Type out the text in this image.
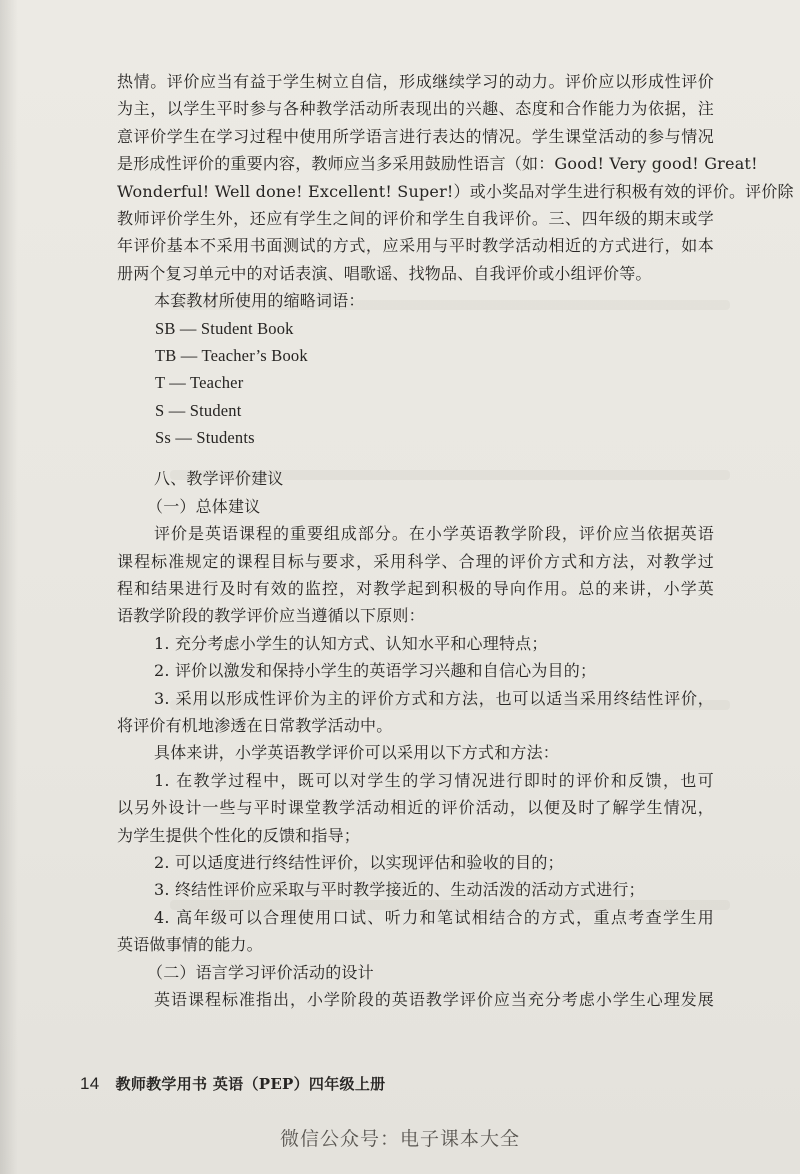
热情。评价应当有益于学生树立自信，形成继续学习的动力。评价应以形成性评价
为主，以学生平时参与各种教学活动所表现出的兴趣、态度和合作能力为依据，注
意评价学生在学习过程中使用所学语言进行表达的情况。学生课堂活动的参与情况
是形成性评价的重要内容，教师应当多采用鼓励性语言（如：Good! Very good! Great!
Wonderful! Well done! Excellent! Super!）或小奖品对学生进行积极有效的评价。评价除
教师评价学生外，还应有学生之间的评价和学生自我评价。三、四年级的期末或学
年评价基本不采用书面测试的方式，应采用与平时教学活动相近的方式进行，如本
册两个复习单元中的对话表演、唱歌谣、找物品、自我评价或小组评价等。
本套教材所使用的缩略词语：
SB — Student Book
TB — Teacher’s Book
T — Teacher
S — Student
Ss — Students
八、教学评价建议
（一）总体建议
评价是英语课程的重要组成部分。在小学英语教学阶段，评价应当依据英语
课程标准规定的课程目标与要求，采用科学、合理的评价方式和方法，对教学过
程和结果进行及时有效的监控，对教学起到积极的导向作用。总的来讲，小学英
语教学阶段的教学评价应当遵循以下原则：
1. 充分考虑小学生的认知方式、认知水平和心理特点；
2. 评价以激发和保持小学生的英语学习兴趣和自信心为目的；
3. 采用以形成性评价为主的评价方式和方法，也可以适当采用终结性评价，
将评价有机地渗透在日常教学活动中。
具体来讲，小学英语教学评价可以采用以下方式和方法：
1. 在教学过程中，既可以对学生的学习情况进行即时的评价和反馈，也可
以另外设计一些与平时课堂教学活动相近的评价活动，以便及时了解学生情况，
为学生提供个性化的反馈和指导；
2. 可以适度进行终结性评价，以实现评估和验收的目的；
3. 终结性评价应采取与平时教学接近的、生动活泼的活动方式进行；
4. 高年级可以合理使用口试、听力和笔试相结合的方式，重点考查学生用
英语做事情的能力。
（二）语言学习评价活动的设计
英语课程标准指出，小学阶段的英语教学评价应当充分考虑小学生心理发展
14 教师教学用书 英语（PEP）四年级上册
微信公众号：电子课本大全
